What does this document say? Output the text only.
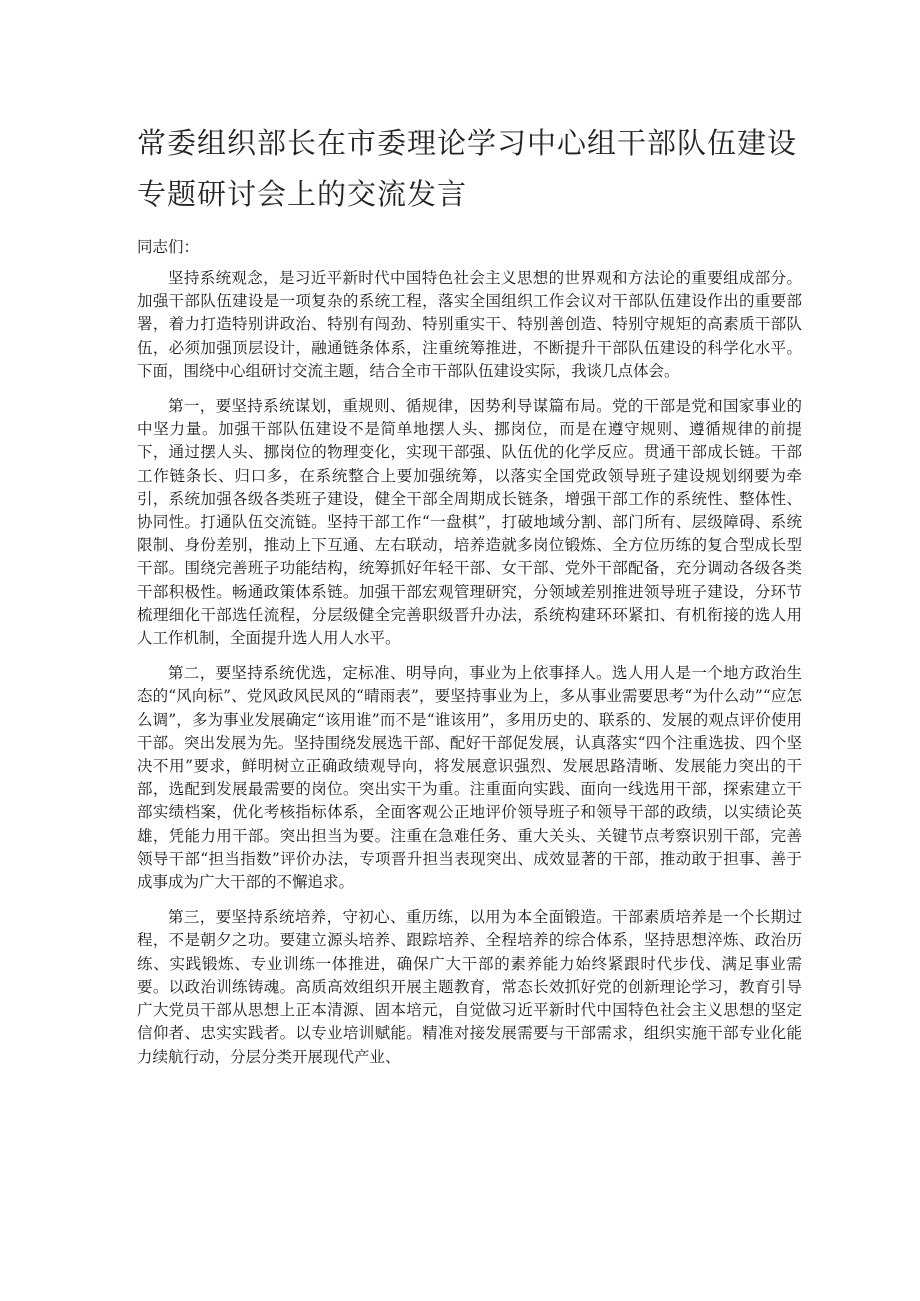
常委组织部长在市委理论学习中心组干部队伍建设
专题研讨会上的交流发言

同志们：

坚持系统观念，是习近平新时代中国特色社会主义思想的世界观和方法论的重要组成部分。加强干部队伍建设是一项复杂的系统工程，落实全国组织工作会议对干部队伍建设作出的重要部署，着力打造特别讲政治、特别有闯劲、特别重实干、特别善创造、特别守规矩的高素质干部队伍，必须加强顶层设计，融通链条体系，注重统筹推进，不断提升干部队伍建设的科学化水平。下面，围绕中心组研讨交流主题，结合全市干部队伍建设实际，我谈几点体会。

第一，要坚持系统谋划，重规则、循规律，因势利导谋篇布局。党的干部是党和国家事业的中坚力量。加强干部队伍建设不是简单地摆人头、挪岗位，而是在遵守规则、遵循规律的前提下，通过摆人头、挪岗位的物理变化，实现干部强、队伍优的化学反应。贯通干部成长链。干部工作链条长、归口多，在系统整合上要加强统筹，以落实全国党政领导班子建设规划纲要为牵引，系统加强各级各类班子建设，健全干部全周期成长链条，增强干部工作的系统性、整体性、协同性。打通队伍交流链。坚持干部工作“一盘棋”，打破地域分割、部门所有、层级障碍、系统限制、身份差别，推动上下互通、左右联动，培养造就多岗位锻炼、全方位历练的复合型成长型干部。围绕完善班子功能结构，统筹抓好年轻干部、女干部、党外干部配备，充分调动各级各类干部积极性。畅通政策体系链。加强干部宏观管理研究，分领域差别推进领导班子建设，分环节梳理细化干部选任流程，分层级健全完善职级晋升办法，系统构建环环紧扣、有机衔接的选人用人工作机制，全面提升选人用人水平。

第二，要坚持系统优选，定标准、明导向，事业为上依事择人。选人用人是一个地方政治生态的“风向标”、党风政风民风的“晴雨表”，要坚持事业为上，多从事业需要思考“为什么动”“应怎么调”，多为事业发展确定“该用谁”而不是“谁该用”，多用历史的、联系的、发展的观点评价使用干部。突出发展为先。坚持围绕发展选干部、配好干部促发展，认真落实“四个注重选拔、四个坚决不用”要求，鲜明树立正确政绩观导向，将发展意识强烈、发展思路清晰、发展能力突出的干部，选配到发展最需要的岗位。突出实干为重。注重面向实践、面向一线选用干部，探索建立干部实绩档案，优化考核指标体系，全面客观公正地评价领导班子和领导干部的政绩，以实绩论英雄，凭能力用干部。突出担当为要。注重在急难任务、重大关头、关键节点考察识别干部，完善领导干部“担当指数”评价办法，专项晋升担当表现突出、成效显著的干部，推动敢于担事、善于成事成为广大干部的不懈追求。

第三，要坚持系统培养，守初心、重历练，以用为本全面锻造。干部素质培养是一个长期过程，不是朝夕之功。要建立源头培养、跟踪培养、全程培养的综合体系，坚持思想淬炼、政治历练、实践锻炼、专业训练一体推进，确保广大干部的素养能力始终紧跟时代步伐、满足事业需要。以政治训练铸魂。高质高效组织开展主题教育，常态长效抓好党的创新理论学习，教育引导广大党员干部从思想上正本清源、固本培元，自觉做习近平新时代中国特色社会主义思想的坚定信仰者、忠实实践者。以专业培训赋能。精准对接发展需要与干部需求，组织实施干部专业化能力续航行动，分层分类开展现代产业、
